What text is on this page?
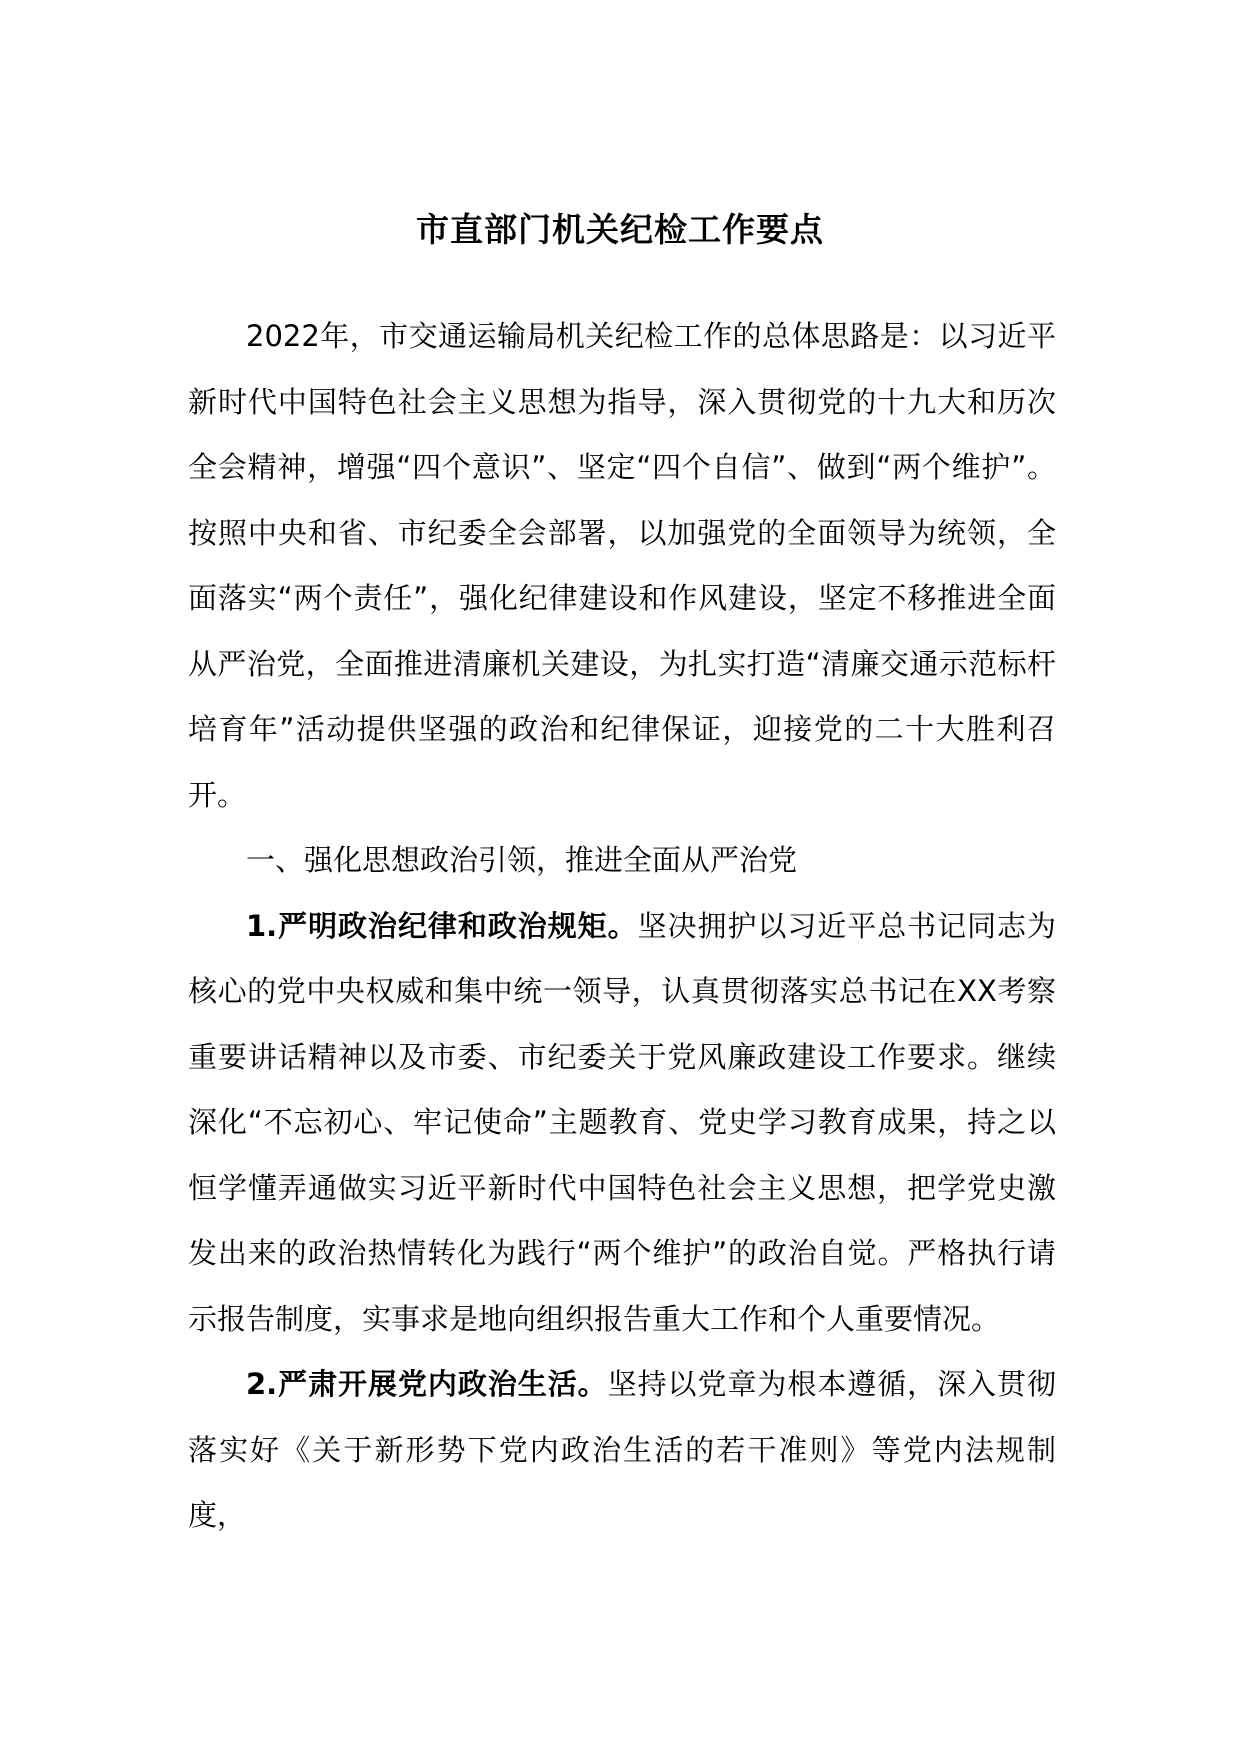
市直部门机关纪检工作要点

2022年，市交通运输局机关纪检工作的总体思路是：以习近平新时代中国特色社会主义思想为指导，深入贯彻党的十九大和历次全会精神，增强“四个意识”、坚定“四个自信”、做到“两个维护”。按照中央和省、市纪委全会部署，以加强党的全面领导为统领，全面落实“两个责任”，强化纪律建设和作风建设，坚定不移推进全面从严治党，全面推进清廉机关建设，为扎实打造“清廉交通示范标杆培育年”活动提供坚强的政治和纪律保证，迎接党的二十大胜利召开。

一、强化思想政治引领，推进全面从严治党

1.严明政治纪律和政治规矩。坚决拥护以习近平总书记同志为核心的党中央权威和集中统一领导，认真贯彻落实总书记在XX考察重要讲话精神以及市委、市纪委关于党风廉政建设工作要求。继续深化“不忘初心、牢记使命”主题教育、党史学习教育成果，持之以恒学懂弄通做实习近平新时代中国特色社会主义思想，把学党史激发出来的政治热情转化为践行“两个维护”的政治自觉。严格执行请示报告制度，实事求是地向组织报告重大工作和个人重要情况。

2.严肃开展党内政治生活。坚持以党章为根本遵循，深入贯彻落实好《关于新形势下党内政治生活的若干准则》等党内法规制度，
